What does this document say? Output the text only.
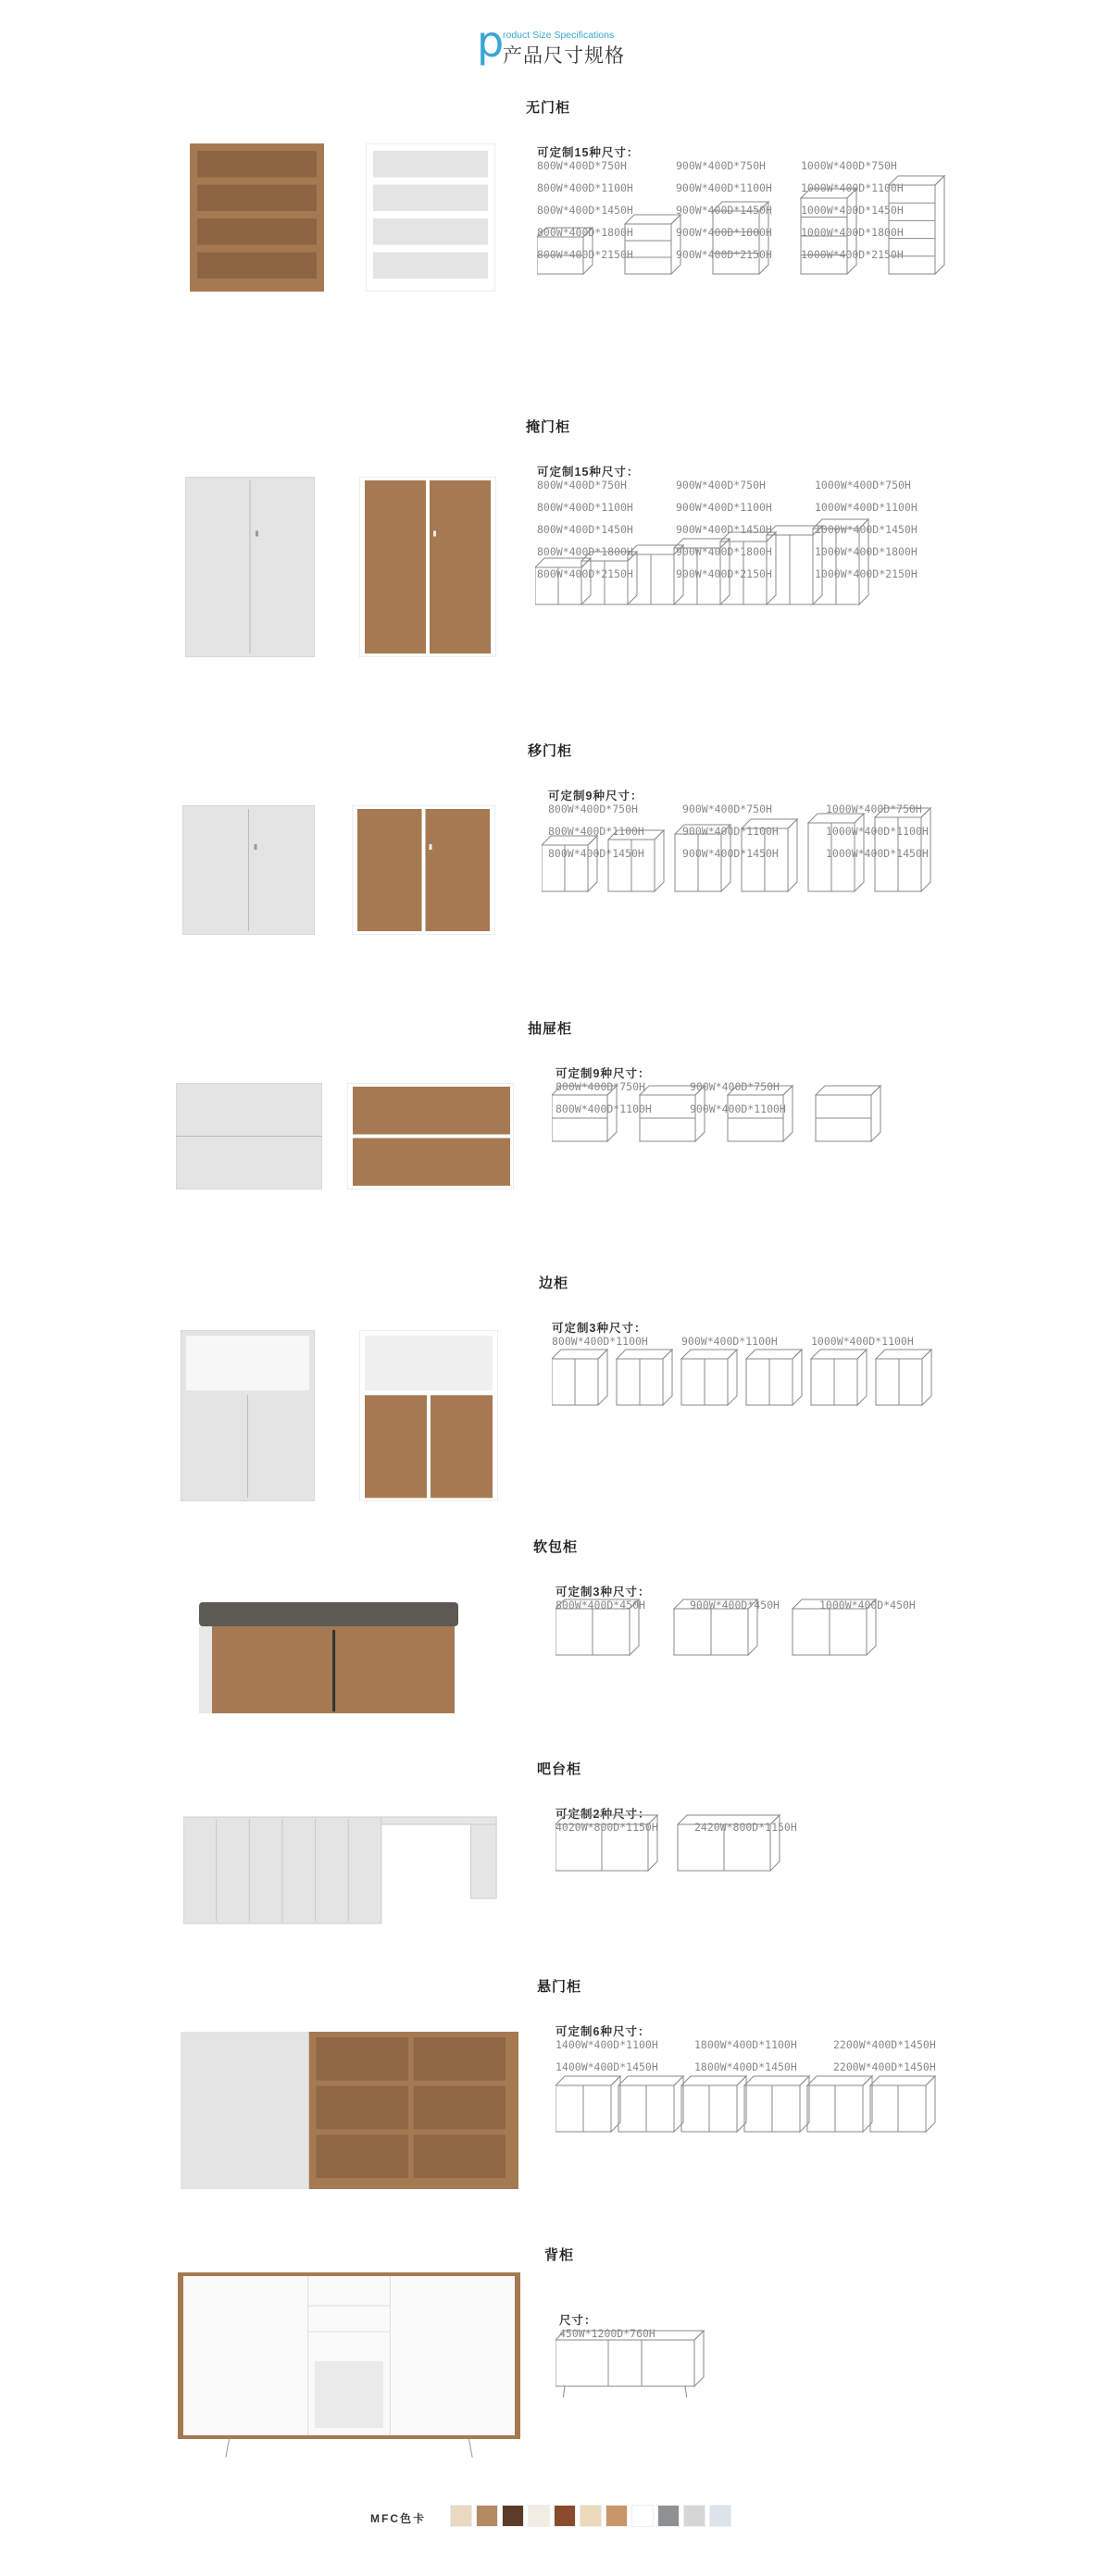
p
roduct Size Specifications
产品尺寸规格
无门柜
可定制15种尺寸：
800W*400D*750H	900W*400D*750H	1000W*400D*750H
800W*400D*1100H	900W*400D*1100H	1000W*400D*1100H
800W*400D*1450H	900W*400D*1450H	1000W*400D*1450H
800W*400D*1800H	900W*400D*1800H	1000W*400D*1800H
800W*400D*2150H	900W*400D*2150H	1000W*400D*2150H
掩门柜
可定制15种尺寸：
800W*400D*750H	900W*400D*750H	1000W*400D*750H
800W*400D*1100H	900W*400D*1100H	1000W*400D*1100H
800W*400D*1450H	900W*400D*1450H	1000W*400D*1450H
800W*400D*1800H	900W*400D*1800H	1000W*400D*1800H
800W*400D*2150H	900W*400D*2150H	1000W*400D*2150H
移门柜
可定制9种尺寸：
800W*400D*750H	900W*400D*750H	1000W*400D*750H
800W*400D*1100H	900W*400D*1100H	1000W*400D*1100H
800W*400D*1450H	900W*400D*1450H	1000W*400D*1450H
抽屉柜
可定制9种尺寸：
800W*400D*750H	900W*400D*750H
800W*400D*1100H	900W*400D*1100H
边柜
可定制3种尺寸：
800W*400D*1100H	900W*400D*1100H	1000W*400D*1100H
软包柜
可定制3种尺寸：
800W*400D*450H	900W*400D*450H	1000W*400D*450H
吧台柜
可定制2种尺寸：
4020W*800D*1150H	2420W*800D*1150H
悬门柜
可定制6种尺寸：
1400W*400D*1100H	1800W*400D*1100H	2200W*400D*1450H
1400W*400D*1450H	1800W*400D*1450H	2200W*400D*1450H
背柜
尺寸：
450W*1200D*760H
MFC色卡
